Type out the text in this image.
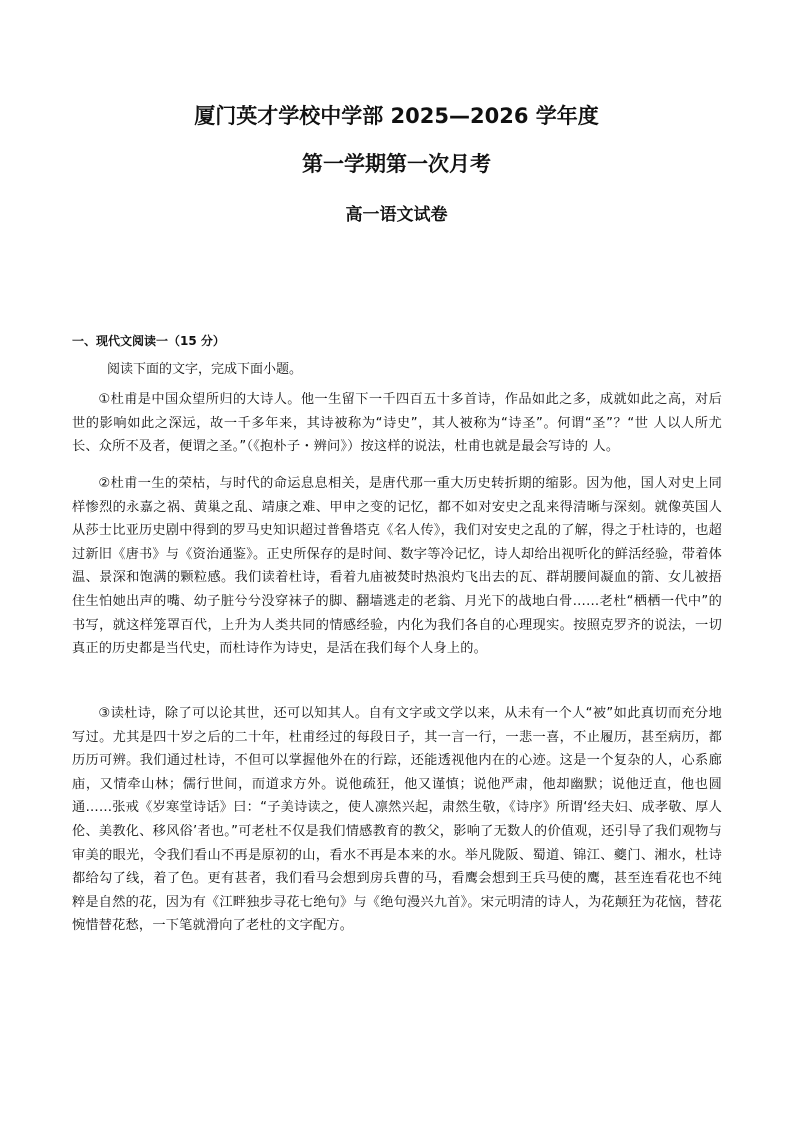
厦门英才学校中学部 2025—2026 学年度
第一学期第一次月考
高一语文试卷

一、现代文阅读一（15 分）

阅读下面的文字，完成下面小题。

①杜甫是中国众望所归的大诗人。他一生留下一千四百五十多首诗，作品如此之多，成就如此之高，对后世的影响如此之深远，故一千多年来，其诗被称为“诗史”，其人被称为“诗圣”。何谓“圣”？“世 人以人所尤长、众所不及者，便谓之圣。”（《抱朴子・辨问》）按这样的说法，杜甫也就是最会写诗的 人。

②杜甫一生的荣枯，与时代的命运息息相关，是唐代那一重大历史转折期的缩影。因为他，国人对史上同样惨烈的永嘉之祸、黄巢之乱、靖康之难、甲申之变的记忆，都不如对安史之乱来得清晰与深刻。就像英国人从莎士比亚历史剧中得到的罗马史知识超过普鲁塔克《名人传》，我们对安史之乱的了解，得之于杜诗的，也超过新旧《唐书》与《资治通鉴》。正史所保存的是时间、数字等冷记忆，诗人却给出视听化的鲜活经验，带着体温、景深和饱满的颗粒感。我们读着杜诗，看着九庙被焚时热浪灼飞出去的瓦、群胡腰间凝血的箭、女儿被捂住生怕她出声的嘴、幼子脏兮兮没穿袜子的脚、翻墙逃走的老翁、月光下的战地白骨……老杜“栖栖一代中”的书写，就这样笼罩百代，上升为人类共同的情感经验，内化为我们各自的心理现实。按照克罗齐的说法，一切真正的历史都是当代史，而杜诗作为诗史，是活在我们每个人身上的。

③读杜诗，除了可以论其世，还可以知其人。自有文字或文学以来，从未有一个人“被”如此真切而充分地写过。尤其是四十岁之后的二十年，杜甫经过的每段日子，其一言一行，一悲一喜，不止履历，甚至病历，都历历可辨。我们通过杜诗，不但可以掌握他外在的行踪，还能透视他内在的心迹。这是一个复杂的人，心系廊庙，又情牵山林；儒行世间，而道求方外。说他疏狂，他又谨慎；说他严肃，他却幽默；说他迂直，他也圆通……张戒《岁寒堂诗话》曰：“子美诗读之，使人凛然兴起，肃然生敬，《诗序》所谓‘经夫妇、成孝敬、厚人伦、美教化、移风俗’者也。”可老杜不仅是我们情感教育的教父，影响了无数人的价值观，还引导了我们观物与审美的眼光，令我们看山不再是原初的山，看水不再是本来的水。举凡陇阪、蜀道、锦江、夔门、湘水，杜诗都给勾了线，着了色。更有甚者，我们看马会想到房兵曹的马，看鹰会想到王兵马使的鹰，甚至连看花也不纯粹是自然的花，因为有《江畔独步寻花七绝句》与《绝句漫兴九首》。宋元明清的诗人，为花颠狂为花恼，替花惋惜替花愁，一下笔就滑向了老杜的文字配方。
